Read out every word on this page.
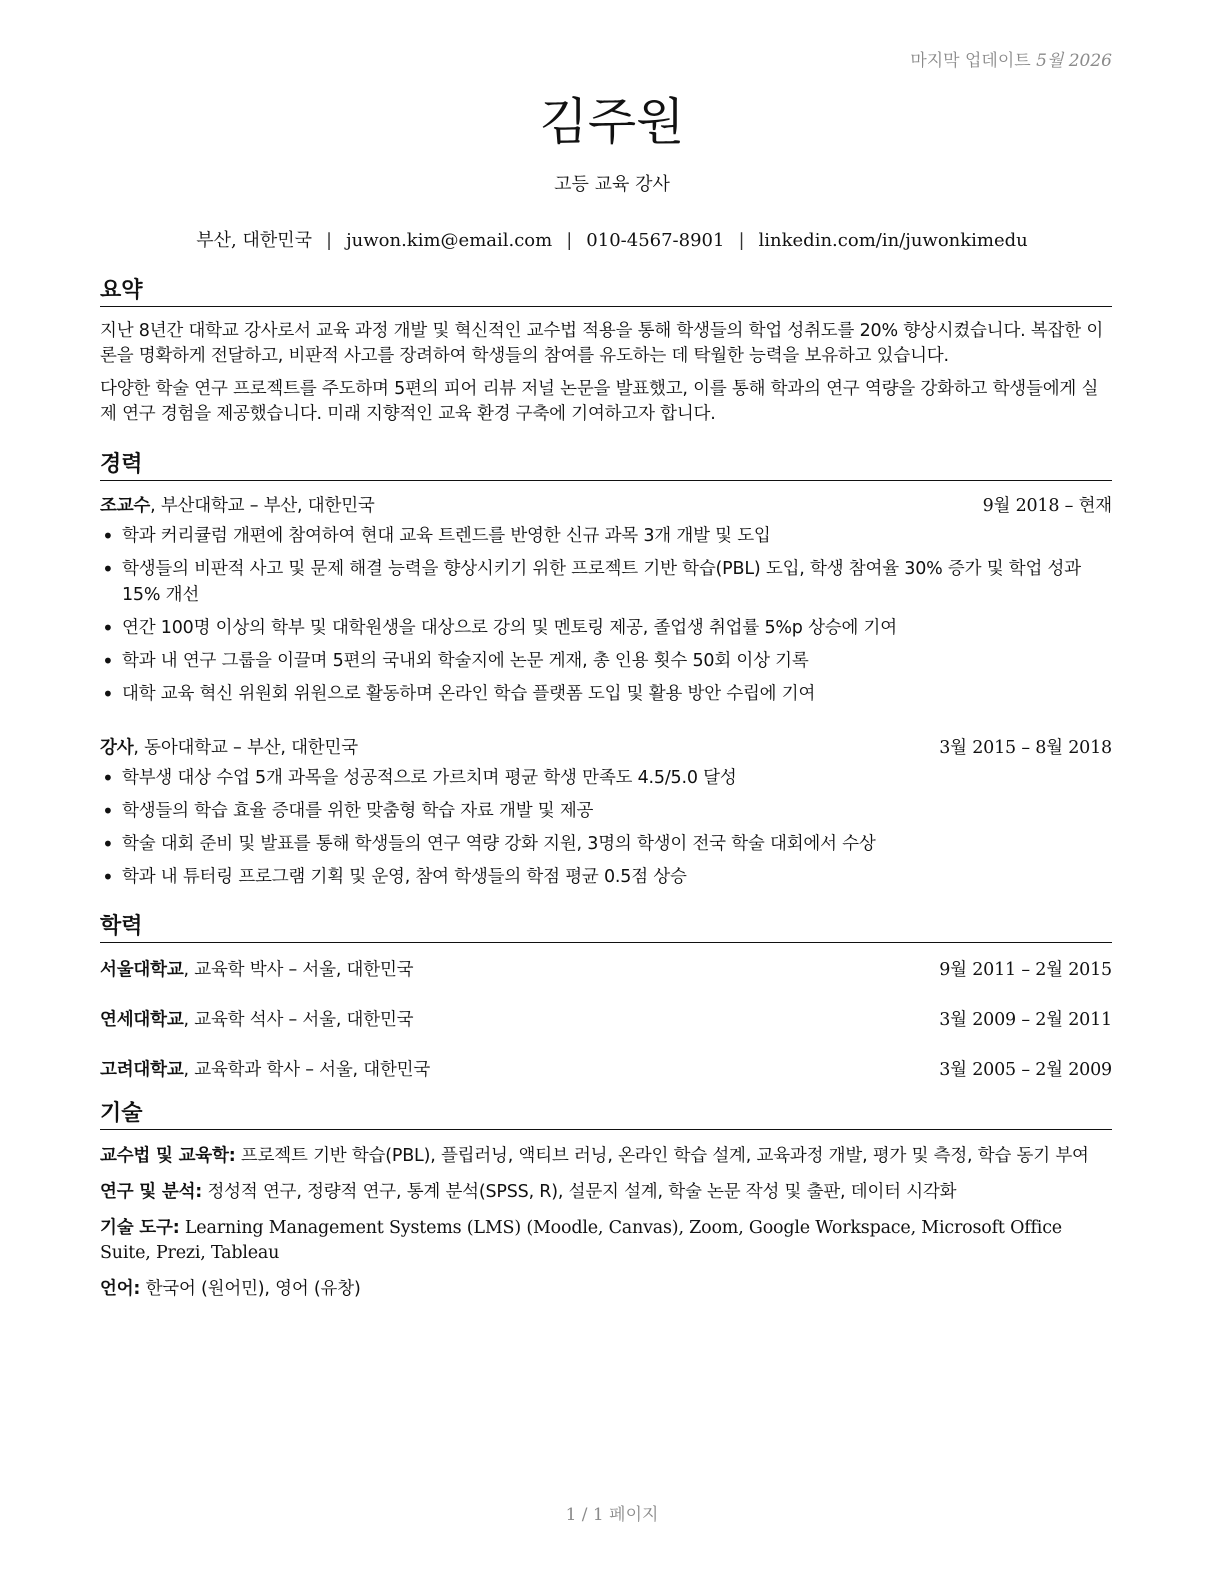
마지막 업데이트 5월 2026
김주원
고등 교육 강사
부산, 대한민국 | juwon.kim@email.com | 010-4567-8901 | linkedin.com/in/juwonkimedu
요약

지난 8년간 대학교 강사로서 교육 과정 개발 및 혁신적인 교수법 적용을 통해 학생들의 학업 성취도를 20% 향상시켰습니다. 복잡한 이론을 명확하게 전달하고, 비판적 사고를 장려하여 학생들의 참여를 유도하는 데 탁월한 능력을 보유하고 있습니다.

다양한 학술 연구 프로젝트를 주도하며 5편의 피어 리뷰 저널 논문을 발표했고, 이를 통해 학과의 연구 역량을 강화하고 학생들에게 실제 연구 경험을 제공했습니다. 미래 지향적인 교육 환경 구축에 기여하고자 합니다.

경력
조교수, 부산대학교 – 부산, 대한민국	9월 2018 – 현재
• 학과 커리큘럼 개편에 참여하여 현대 교육 트렌드를 반영한 신규 과목 3개 개발 및 도입
• 학생들의 비판적 사고 및 문제 해결 능력을 향상시키기 위한 프로젝트 기반 학습(PBL) 도입, 학생 참여율 30% 증가 및 학업 성과 15% 개선
• 연간 100명 이상의 학부 및 대학원생을 대상으로 강의 및 멘토링 제공, 졸업생 취업률 5%p 상승에 기여
• 학과 내 연구 그룹을 이끌며 5편의 국내외 학술지에 논문 게재, 총 인용 횟수 50회 이상 기록
• 대학 교육 혁신 위원회 위원으로 활동하며 온라인 학습 플랫폼 도입 및 활용 방안 수립에 기여
강사, 동아대학교 – 부산, 대한민국	3월 2015 – 8월 2018
• 학부생 대상 수업 5개 과목을 성공적으로 가르치며 평균 학생 만족도 4.5/5.0 달성
• 학생들의 학습 효율 증대를 위한 맞춤형 학습 자료 개발 및 제공
• 학술 대회 준비 및 발표를 통해 학생들의 연구 역량 강화 지원, 3명의 학생이 전국 학술 대회에서 수상
• 학과 내 튜터링 프로그램 기획 및 운영, 참여 학생들의 학점 평균 0.5점 상승
학력
서울대학교, 교육학 박사 – 서울, 대한민국	9월 2011 – 2월 2015
연세대학교, 교육학 석사 – 서울, 대한민국	3월 2009 – 2월 2011
고려대학교, 교육학과 학사 – 서울, 대한민국	3월 2005 – 2월 2009
기술
교수법 및 교육학: 프로젝트 기반 학습(PBL), 플립러닝, 액티브 러닝, 온라인 학습 설계, 교육과정 개발, 평가 및 측정, 학습 동기 부여
연구 및 분석: 정성적 연구, 정량적 연구, 통계 분석(SPSS, R), 설문지 설계, 학술 논문 작성 및 출판, 데이터 시각화
기술 도구: Learning Management Systems (LMS) (Moodle, Canvas), Zoom, Google Workspace, Microsoft Office Suite, Prezi, Tableau
언어: 한국어 (원어민), 영어 (유창)
1 / 1 페이지
